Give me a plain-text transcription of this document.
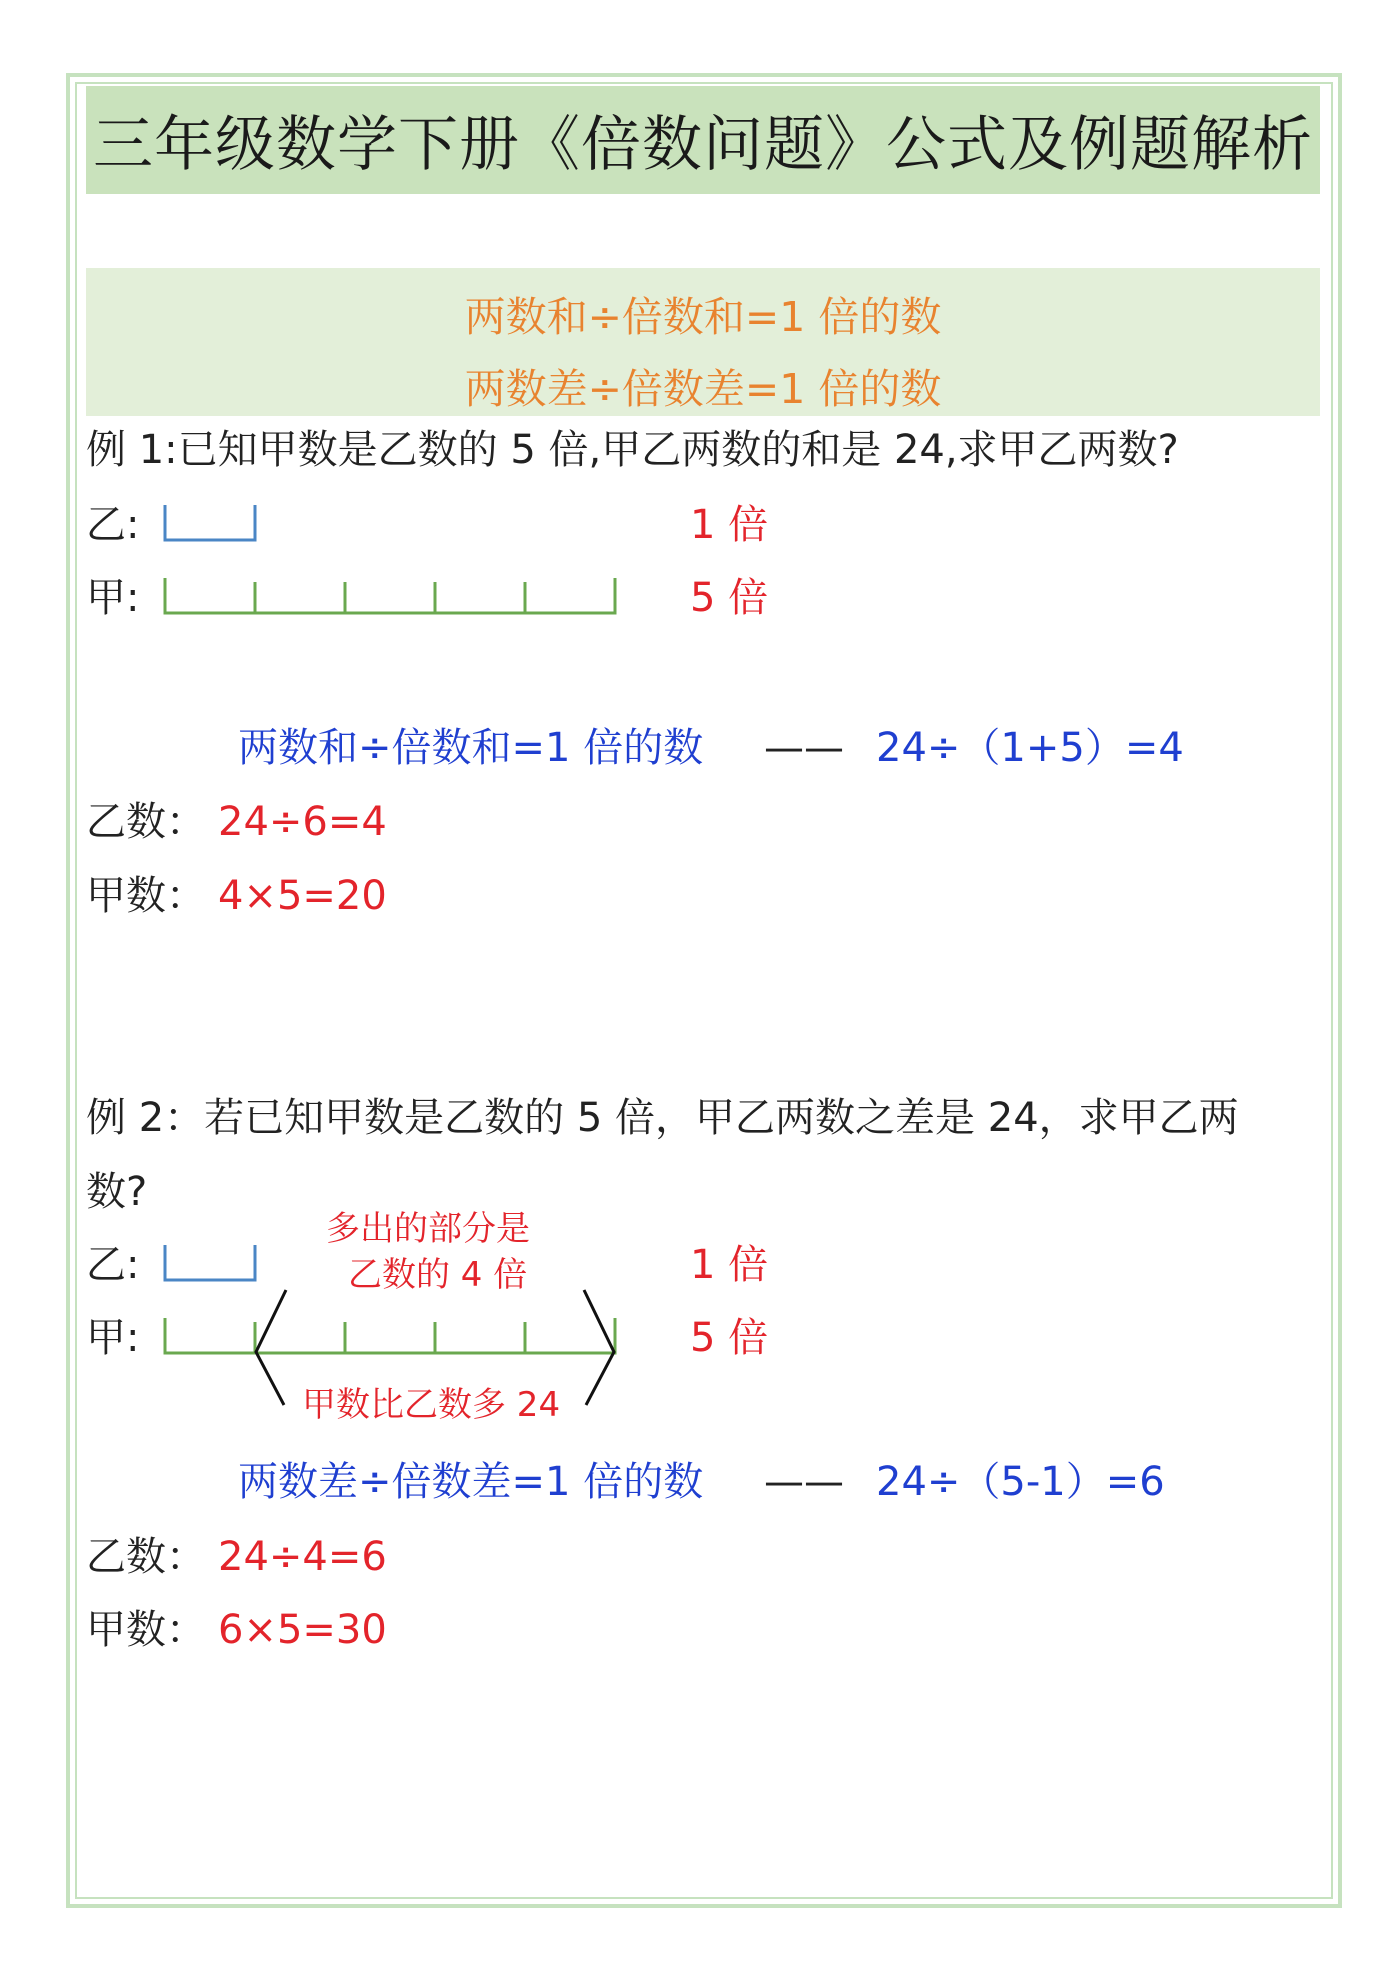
三年级数学下册《倍数问题》公式及例题解析
两数和÷倍数和=1 倍的数
两数差÷倍数差=1 倍的数
例 1:已知甲数是乙数的 5 倍,甲乙两数的和是 24,求甲乙两数?
乙:
甲:
1 倍
5 倍
两数和÷倍数和=1 倍的数 —— 24÷（1+5）=4
乙数： 24÷6=4
甲数： 4×5=20
例 2：若已知甲数是乙数的 5 倍，甲乙两数之差是 24，求甲乙两
数?
乙:
甲:
多出的部分是
乙数的 4 倍
甲数比乙数多 24
1 倍
5 倍
两数差÷倍数差=1 倍的数 —— 24÷（5-1）=6
乙数： 24÷4=6
甲数： 6×5=30
